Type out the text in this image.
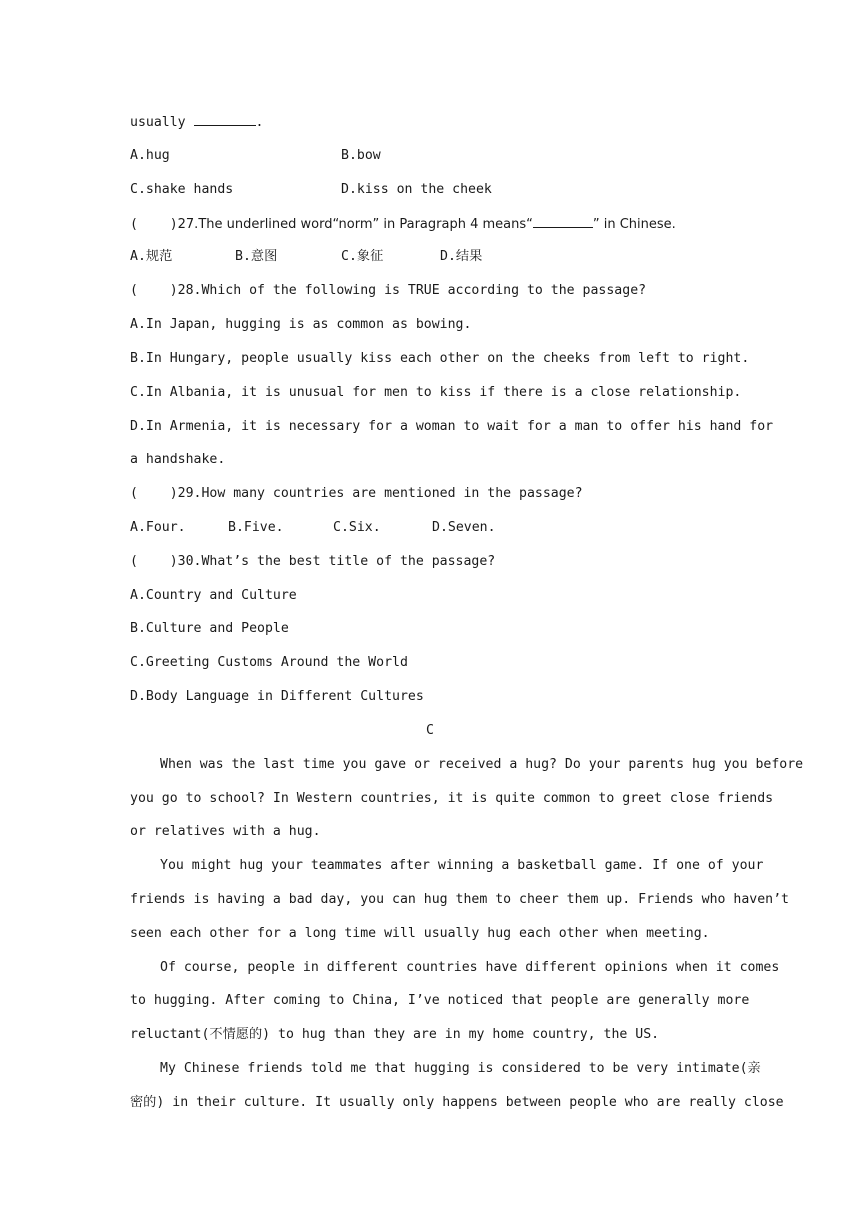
usually	.
A.hug	B.bow
C.shake hands	D.kiss on the cheek
(    )27.The underlined word“norm” in Paragraph 4 means“	” in Chinese.
A.规范	B.意图	C.象征	D.结果
(    )28.Which of the following is TRUE according to the passage?
A.In Japan, hugging is as common as bowing.
B.In Hungary, people usually kiss each other on the cheeks from left to right.
C.In Albania, it is unusual for men to kiss if there is a close relationship.
D.In Armenia, it is necessary for a woman to wait for a man to offer his hand for
a handshake.
(    )29.How many countries are mentioned in the passage?
A.Four.	B.Five.	C.Six.	D.Seven.
(    )30.What’s the best title of the passage?
A.Country and Culture
B.Culture and People
C.Greeting Customs Around the World
D.Body Language in Different Cultures
C
When was the last time you gave or received a hug? Do your parents hug you before
you go to school? In Western countries, it is quite common to greet close friends
or relatives with a hug.
You might hug your teammates after winning a basketball game. If one of your
friends is having a bad day, you can hug them to cheer them up. Friends who haven’t
seen each other for a long time will usually hug each other when meeting.
Of course, people in different countries have different opinions when it comes
to hugging. After coming to China, I’ve noticed that people are generally more
reluctant(不情愿的) to hug than they are in my home country, the US.
My Chinese friends told me that hugging is considered to be very intimate(亲
密的) in their culture. It usually only happens between people who are really close
